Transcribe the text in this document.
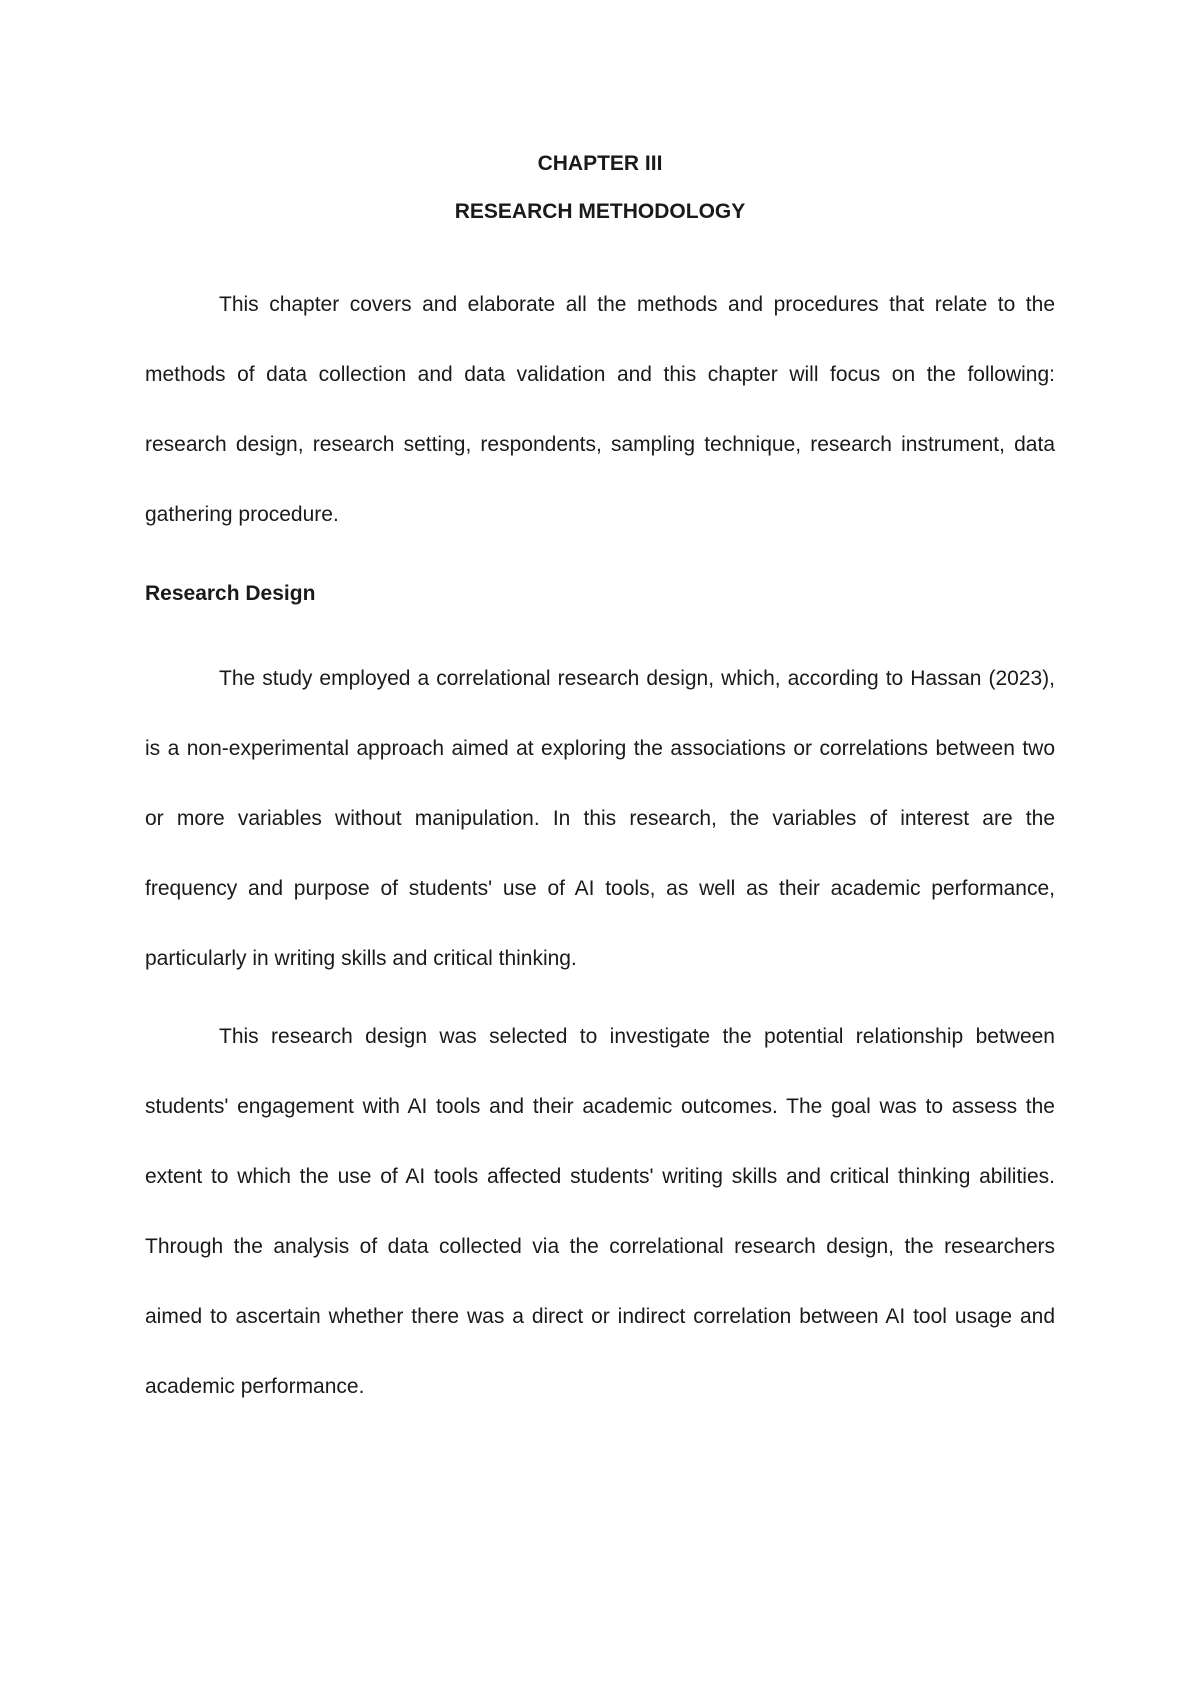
CHAPTER III

RESEARCH METHODOLOGY

This chapter covers and elaborate all the methods and procedures that relate to the methods of data collection and data validation and this chapter will focus on the following: research design, research setting, respondents, sampling technique, research instrument, data gathering procedure.

Research Design

The study employed a correlational research design, which, according to Hassan (2023), is a non-experimental approach aimed at exploring the associations or correlations between two or more variables without manipulation. In this research, the variables of interest are the frequency and purpose of students' use of AI tools, as well as their academic performance, particularly in writing skills and critical thinking.

This research design was selected to investigate the potential relationship between students' engagement with AI tools and their academic outcomes. The goal was to assess the extent to which the use of AI tools affected students' writing skills and critical thinking abilities. Through the analysis of data collected via the correlational research design, the researchers aimed to ascertain whether there was a direct or indirect correlation between AI tool usage and academic performance.
